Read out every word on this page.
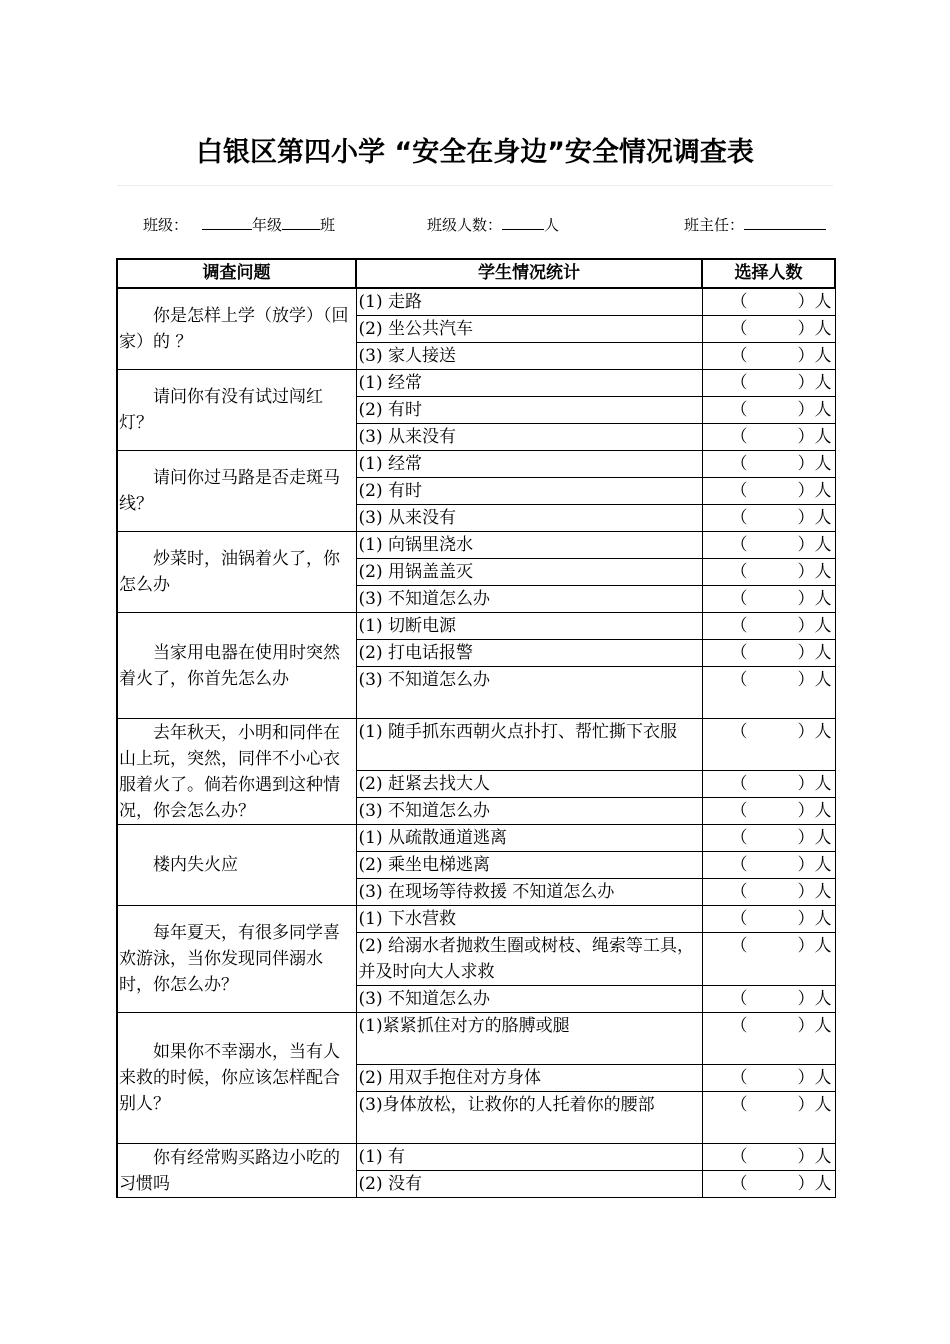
白银区第四小学 “安全在身边”安全情况调查表
班级：	年级	班	班级人数：	人	班主任：
调查问题	学生情况统计	选择人数

你是怎样上学（放学）（回家）的 ？	(1) 走路	（ ）人
	(2) 坐公共汽车	（ ）人
	(3) 家人接送	（ ）人

请问你有没有试过闯红灯？	(1) 经常	（ ）人
	(2) 有时	（ ）人
	(3) 从来没有	（ ）人

请问你过马路是否走斑马线？	(1) 经常	（ ）人
	(2) 有时	（ ）人
	(3) 从来没有	（ ）人

炒菜时，油锅着火了，你怎么办	(1) 向锅里浇水	（ ）人
	(2) 用锅盖盖灭	（ ）人
	(3) 不知道怎么办	（ ）人

当家用电器在使用时突然着火了，你首先怎么办	(1) 切断电源	（ ）人
	(2) 打电话报警	（ ）人
	(3) 不知道怎么办	（ ）人

去年秋天，小明和同伴在山上玩，突然，同伴不小心衣服着火了。倘若你遇到这种情况，你会怎么办？	(1) 随手抓东西朝火点扑打、帮忙撕下衣服	（ ）人
	(2) 赶紧去找大人	（ ）人
	(3) 不知道怎么办	（ ）人

楼内失火应	(1) 从疏散通道逃离	（ ）人
	(2) 乘坐电梯逃离	（ ）人
	(3) 在现场等待救援 不知道怎么办	（ ）人

每年夏天，有很多同学喜欢游泳，当你发现同伴溺水时，你怎么办？	(1) 下水营救	（ ）人
	(2) 给溺水者抛救生圈或树枝、绳索等工具，并及时向大人求救	（ ）人
	(3) 不知道怎么办	（ ）人

如果你不幸溺水，当有人来救的时候，你应该怎样配合别人？	(1)紧紧抓住对方的胳膊或腿	（ ）人
	(2) 用双手抱住对方身体	（ ）人
	(3)身体放松，让救你的人托着你的腰部	（ ）人

你有经常购买路边小吃的习惯吗	(1) 有	（ ）人
	(2) 没有	（ ）人
